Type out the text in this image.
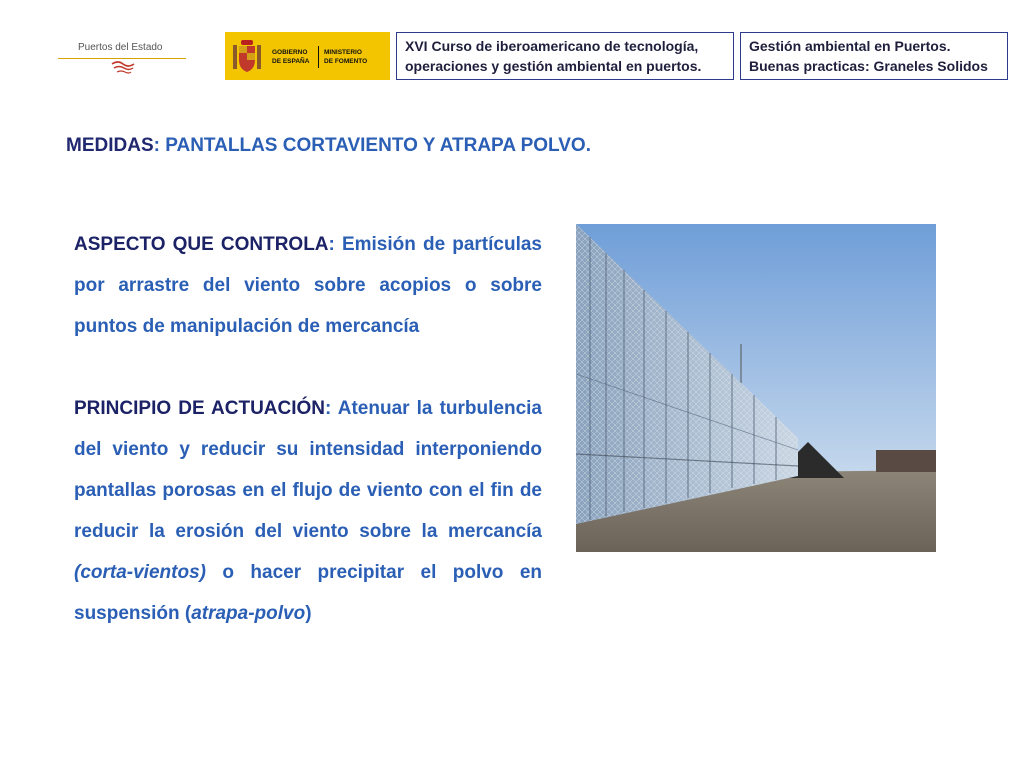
Puertos del Estado	GOBIERNO
DE ESPAÑA
MINISTERIO
DE FOMENTO
XVI Curso de iberoamericano de tecnología,
operaciones y gestión ambiental en puertos.
Gestión ambiental en Puertos.
Buenas practicas: Graneles Solidos
MEDIDAS: PANTALLAS CORTAVIENTO Y ATRAPA POLVO.
ASPECTO QUE CONTROLA: Emisión de partículas por arrastre del viento sobre acopios o sobre puntos de manipulación de mercancía
PRINCIPIO DE ACTUACIÓN: Atenuar la turbulencia del viento y reducir su intensidad interponiendo pantallas porosas en el flujo de viento con el fin de reducir la erosión del viento sobre la mercancía (corta-vientos) o hacer precipitar el polvo en suspensión (atrapa-polvo)
